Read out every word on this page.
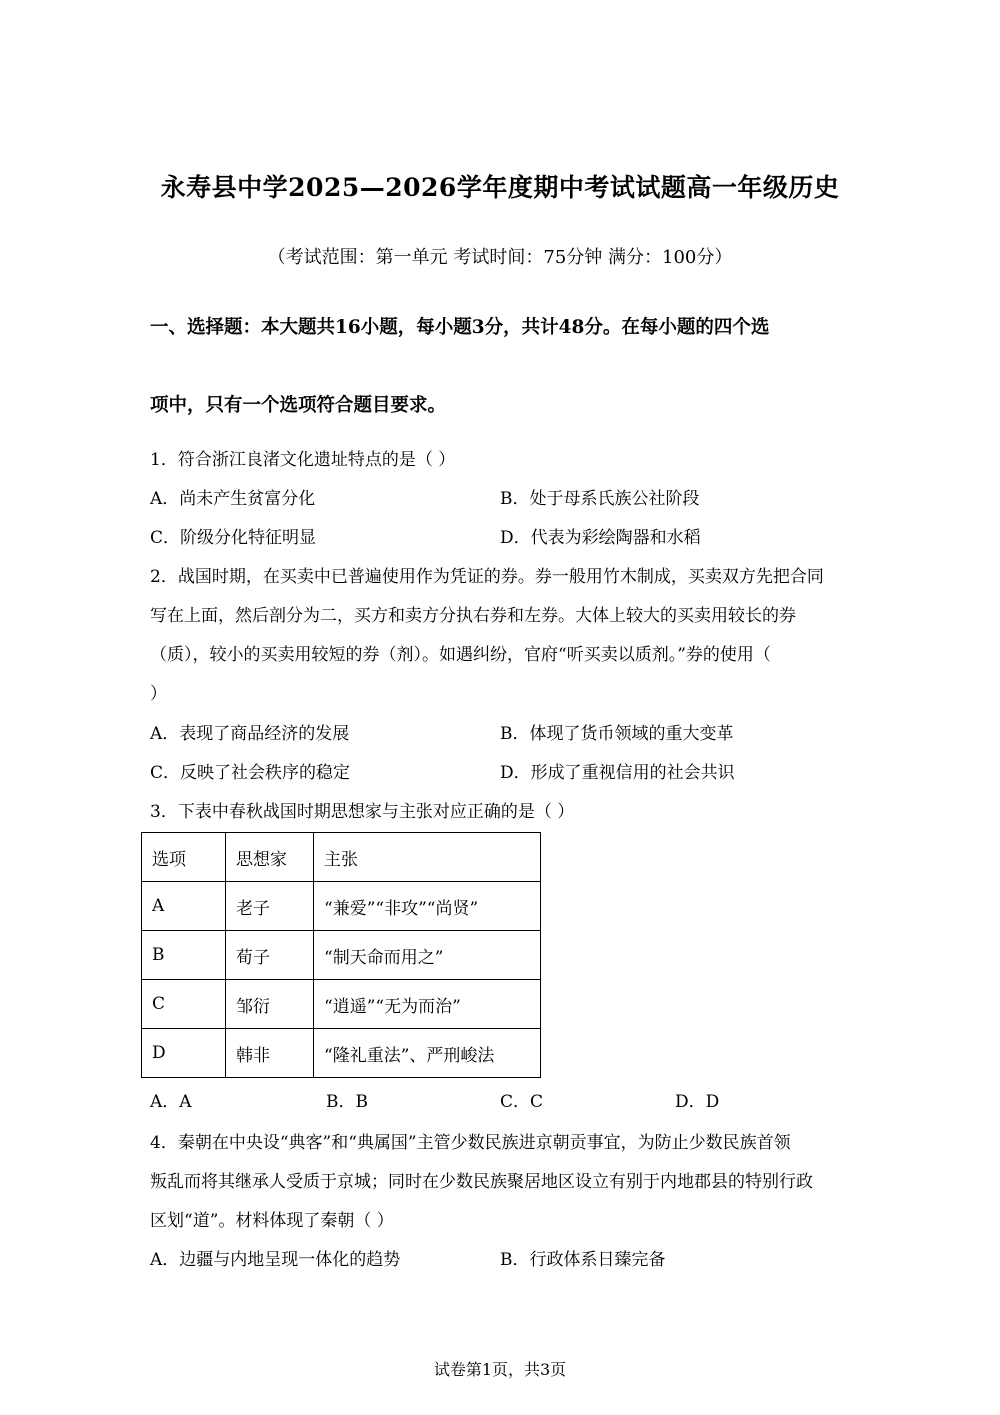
永寿县中学2025—2026学年度期中考试试题高一年级历史
（考试范围：第一单元 考试时间：75分钟 满分：100分）
一、选择题：本大题共16小题，每小题3分，共计48分。在每小题的四个选
项中，只有一个选项符合题目要求。
1．符合浙江良渚文化遗址特点的是（ ）
A．尚未产生贫富分化	B．处于母系氏族公社阶段
C．阶级分化特征明显	D．代表为彩绘陶器和水稻
2．战国时期，在买卖中已普遍使用作为凭证的券。券一般用竹木制成，买卖双方先把合同
写在上面，然后剖分为二，买方和卖方分执右券和左券。大体上较大的买卖用较长的券
（质），较小的买卖用较短的券（剂）。如遇纠纷，官府“听买卖以质剂。”券的使用（
）
A．表现了商品经济的发展	B．体现了货币领域的重大变革
C．反映了社会秩序的稳定	D．形成了重视信用的社会共识
3．下表中春秋战国时期思想家与主张对应正确的是（ ）
选项	思想家	主张
A	老子	“兼爱”“非攻”“尚贤”
B	荀子	“制天命而用之”
C	邹衍	“逍遥”“无为而治”
D	韩非	“隆礼重法”、严刑峻法
A．A	B．B	C．C	D．D
4．秦朝在中央设“典客”和“典属国”主管少数民族进京朝贡事宜，为防止少数民族首领
叛乱而将其继承人受质于京城；同时在少数民族聚居地区设立有别于内地郡县的特别行政
区划“道”。材料体现了秦朝（ ）
A．边疆与内地呈现一体化的趋势	B．行政体系日臻完备
试卷第1页，共3页
